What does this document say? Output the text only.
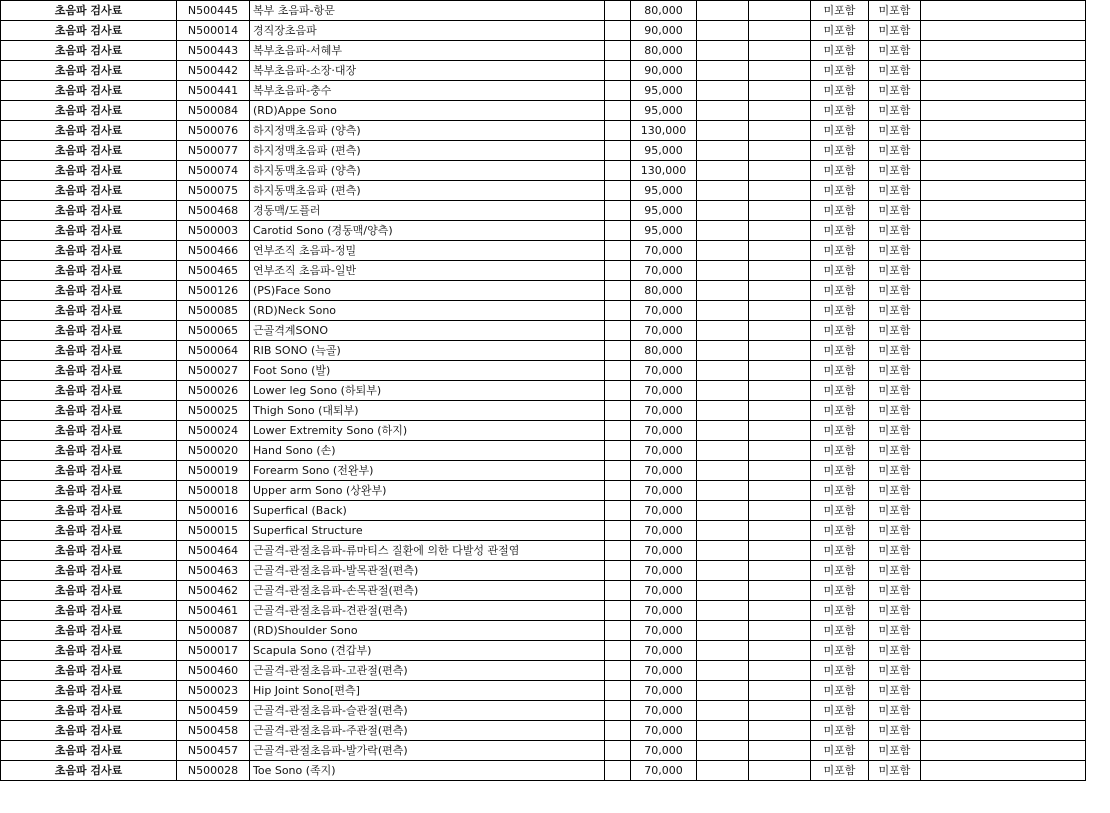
초음파 검사료	N500445	복부 초음파-항문		80,000			미포함	미포함	
초음파 검사료	N500014	경직장초음파		90,000			미포함	미포함	
초음파 검사료	N500443	복부초음파-서혜부		80,000			미포함	미포함	
초음파 검사료	N500442	복부초음파-소장·대장		90,000			미포함	미포함	
초음파 검사료	N500441	복부초음파-충수		95,000			미포함	미포함	
초음파 검사료	N500084	(RD)Appe Sono		95,000			미포함	미포함	
초음파 검사료	N500076	하지정맥초음파 (양측)		130,000			미포함	미포함	
초음파 검사료	N500077	하지정맥초음파 (편측)		95,000			미포함	미포함	
초음파 검사료	N500074	하지동맥초음파 (양측)		130,000			미포함	미포함	
초음파 검사료	N500075	하지동맥초음파 (편측)		95,000			미포함	미포함	
초음파 검사료	N500468	경동맥/도플러		95,000			미포함	미포함	
초음파 검사료	N500003	Carotid Sono (경동맥/양측)		95,000			미포함	미포함	
초음파 검사료	N500466	연부조직 초음파-정밀		70,000			미포함	미포함	
초음파 검사료	N500465	연부조직 초음파-일반		70,000			미포함	미포함	
초음파 검사료	N500126	(PS)Face Sono		80,000			미포함	미포함	
초음파 검사료	N500085	(RD)Neck Sono		70,000			미포함	미포함	
초음파 검사료	N500065	근골격계SONO		70,000			미포함	미포함	
초음파 검사료	N500064	RIB SONO (늑골)		80,000			미포함	미포함	
초음파 검사료	N500027	Foot Sono (발)		70,000			미포함	미포함	
초음파 검사료	N500026	Lower leg Sono (하퇴부)		70,000			미포함	미포함	
초음파 검사료	N500025	Thigh Sono (대퇴부)		70,000			미포함	미포함	
초음파 검사료	N500024	Lower Extremity Sono (하지)		70,000			미포함	미포함	
초음파 검사료	N500020	Hand Sono (손)		70,000			미포함	미포함	
초음파 검사료	N500019	Forearm Sono (전완부)		70,000			미포함	미포함	
초음파 검사료	N500018	Upper arm Sono (상완부)		70,000			미포함	미포함	
초음파 검사료	N500016	Superfical (Back)		70,000			미포함	미포함	
초음파 검사료	N500015	Superfical Structure		70,000			미포함	미포함	
초음파 검사료	N500464	근골격-관절초음파-류마티스 질환에 의한 다발성 관절염		70,000			미포함	미포함	
초음파 검사료	N500463	근골격-관절초음파-발목관절(편측)		70,000			미포함	미포함	
초음파 검사료	N500462	근골격-관절초음파-손목관절(편측)		70,000			미포함	미포함	
초음파 검사료	N500461	근골격-관절초음파-견관절(편측)		70,000			미포함	미포함	
초음파 검사료	N500087	(RD)Shoulder Sono		70,000			미포함	미포함	
초음파 검사료	N500017	Scapula Sono (견갑부)		70,000			미포함	미포함	
초음파 검사료	N500460	근골격-관절초음파-고관절(편측)		70,000			미포함	미포함	
초음파 검사료	N500023	Hip Joint Sono[편측]		70,000			미포함	미포함	
초음파 검사료	N500459	근골격-관절초음파-슬관절(편측)		70,000			미포함	미포함	
초음파 검사료	N500458	근골격-관절초음파-주관절(편측)		70,000			미포함	미포함	
초음파 검사료	N500457	근골격-관절초음파-발가락(편측)		70,000			미포함	미포함	
초음파 검사료	N500028	Toe Sono (족지)		70,000			미포함	미포함	
